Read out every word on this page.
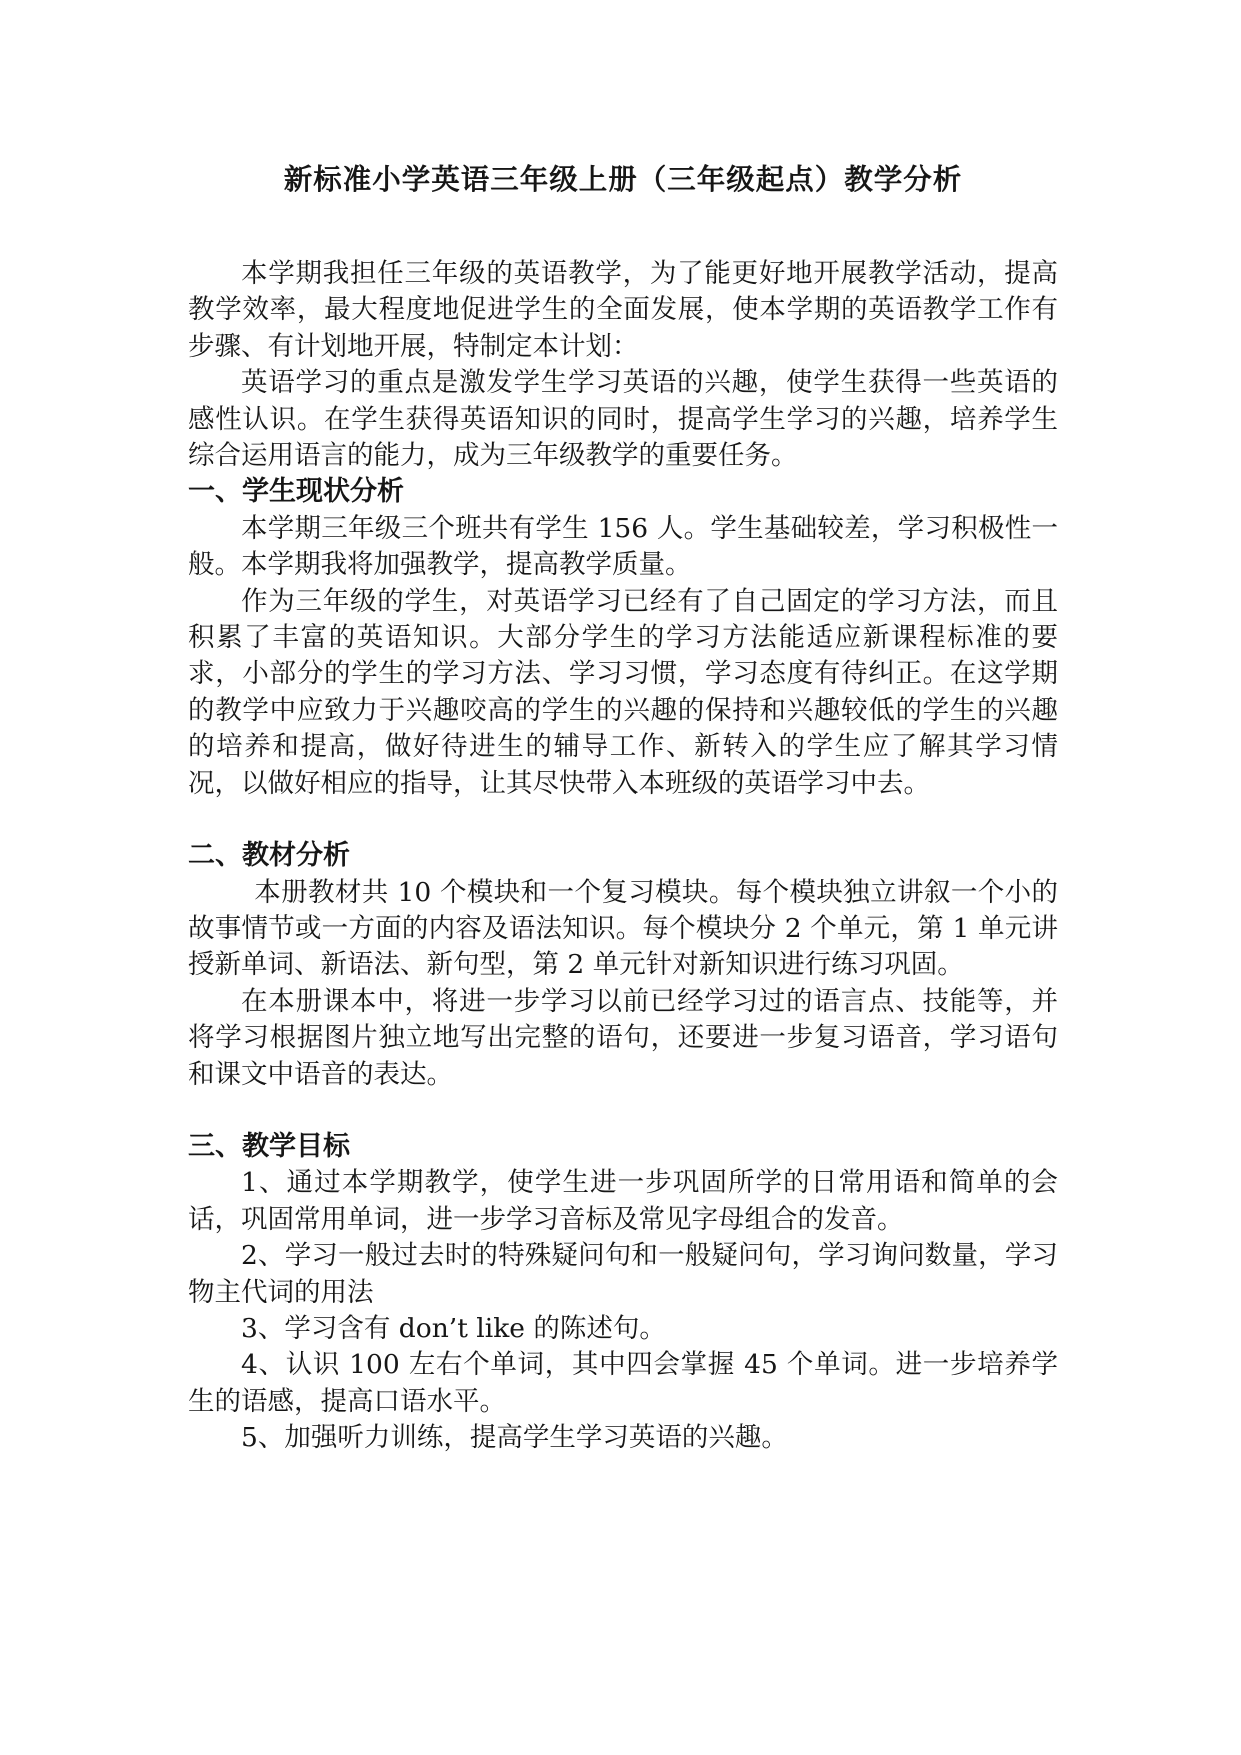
新标准小学英语三年级上册（三年级起点）教学分析

本学期我担任三年级的英语教学，为了能更好地开展教学活动，提高教学效率，最大程度地促进学生的全面发展，使本学期的英语教学工作有步骤、有计划地开展，特制定本计划：

英语学习的重点是激发学生学习英语的兴趣，使学生获得一些英语的感性认识。在学生获得英语知识的同时，提高学生学习的兴趣，培养学生综合运用语言的能力，成为三年级教学的重要任务。

一、学生现状分析

本学期三年级三个班共有学生 156 人。学生基础较差，学习积极性一般。本学期我将加强教学，提高教学质量。

作为三年级的学生，对英语学习已经有了自己固定的学习方法，而且积累了丰富的英语知识。大部分学生的学习方法能适应新课程标准的要求，小部分的学生的学习方法、学习习惯，学习态度有待纠正。在这学期的教学中应致力于兴趣咬高的学生的兴趣的保持和兴趣较低的学生的兴趣的培养和提高，做好待进生的辅导工作、新转入的学生应了解其学习情况，以做好相应的指导，让其尽快带入本班级的英语学习中去。

二、教材分析

本册教材共 10 个模块和一个复习模块。每个模块独立讲叙一个小的故事情节或一方面的内容及语法知识。每个模块分 2 个单元，第 1 单元讲授新单词、新语法、新句型，第 2 单元针对新知识进行练习巩固。

在本册课本中，将进一步学习以前已经学习过的语言点、技能等，并将学习根据图片独立地写出完整的语句，还要进一步复习语音，学习语句和课文中语音的表达。

三、教学目标

1、通过本学期教学，使学生进一步巩固所学的日常用语和简单的会话，巩固常用单词，进一步学习音标及常见字母组合的发音。

2、学习一般过去时的特殊疑问句和一般疑问句，学习询问数量，学习物主代词的用法

3、学习含有 don’t like 的陈述句。

4、认识 100 左右个单词，其中四会掌握 45 个单词。进一步培养学生的语感，提高口语水平。

5、加强听力训练，提高学生学习英语的兴趣。
